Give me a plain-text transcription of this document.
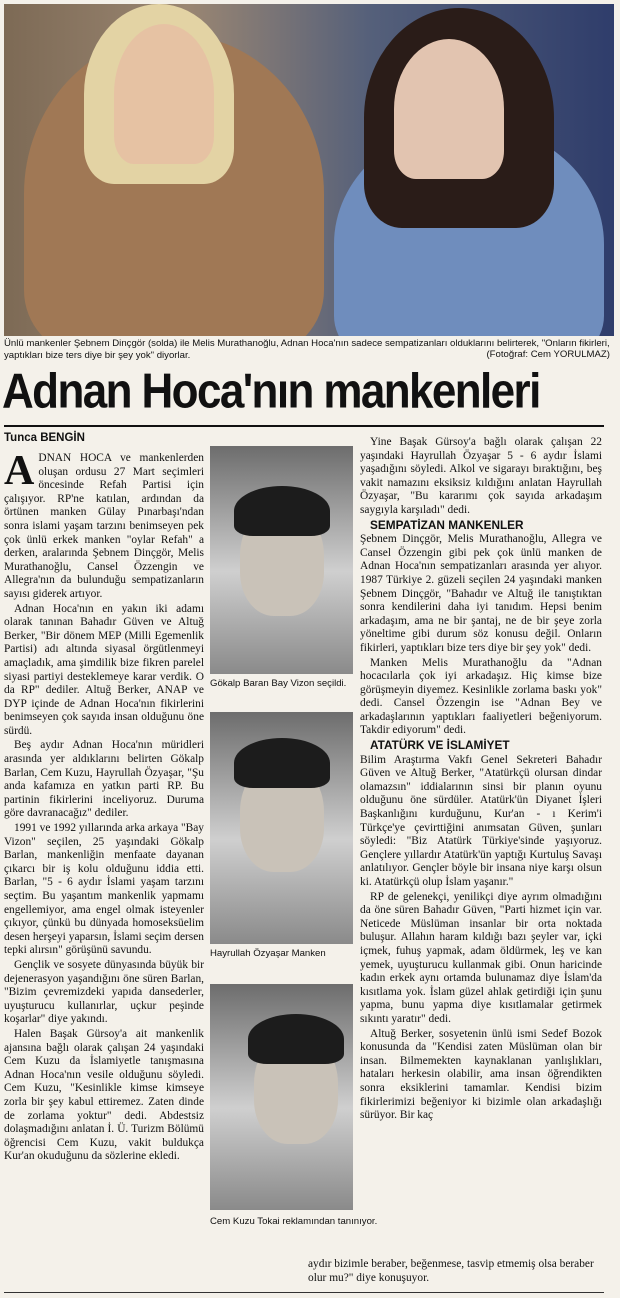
Ünlü mankenler Şebnem Dinçgör (solda) ile Melis Murathanoğlu, Adnan Hoca'nın sadece sempatizanları olduklarını belirterek, "Onların fikirleri, yaptıkları bize ters diye bir şey yok" diyorlar.	(Fotoğraf: Cem YORULMAZ)
Adnan Hoca'nın mankenleri
Tunca BENGİN

ADNAN HOCA ve mankenlerden oluşan ordusu 27 Mart seçimleri öncesinde Refah Partisi için çalışıyor. RP'ne katılan, ardından da örtünen manken Gülay Pınarbaşı'ndan sonra islami yaşam tarzını benimseyen pek çok ünlü erkek manken "oylar Refah" a derken, aralarında Şebnem Dinçgör, Melis Murathanoğlu, Cansel Özzengin ve Allegra'nın da bulunduğu sempatizanların sayısı giderek artıyor.

Adnan Hoca'nın en yakın iki adamı olarak tanınan Bahadır Güven ve Altuğ Berker, "Bir dönem MEP (Milli Egemenlik Partisi) adı altında siyasal örgütlenmeyi amaçladık, ama şimdilik bize fikren parelel siyasi partiyi desteklemeye karar verdik. O da RP" dediler. Altuğ Berker, ANAP ve DYP içinde de Adnan Hoca'nın fikirlerini benimseyen çok sayıda insan olduğunu öne sürdü.

Beş aydır Adnan Hoca'nın müridleri arasında yer aldıklarını belirten Gökalp Barlan, Cem Kuzu, Hayrullah Özyaşar, "Şu anda kafamıza en yatkın parti RP. Bu partinin fikirlerini inceliyoruz. Duruma göre davranacağız" dediler.

1991 ve 1992 yıllarında arka arkaya "Bay Vizon" seçilen, 25 yaşındaki Gökalp Barlan, mankenliğin menfaate dayanan çıkarcı bir iş kolu olduğunu iddia etti. Barlan, "5 - 6 aydır İslami yaşam tarzını seçtim. Bu yaşantım mankenlik yapmamı engellemiyor, ama engel olmak isteyenler çıkıyor, çünkü bu dünyada homoseksüelim desen herşeyi yaparsın, İslami seçim dersen tepki alırsın" görüşünü savundu.

Gençlik ve sosyete dünyasında büyük bir dejenerasyon yaşandığını öne süren Barlan, "Bizim çevremizdeki yapıda dansederler, uyuşturucu kullanırlar, uçkur peşinde koşarlar" diye yakındı.

Halen Başak Gürsoy'a ait mankenlik ajansına bağlı olarak çalışan 24 yaşındaki Cem Kuzu da İslamiyetle tanışmasına Adnan Hoca'nın vesile olduğunu söyledi. Cem Kuzu, "Kesinlikle kimse kimseye zorla bir şey kabul ettiremez. Zaten dinde de zorlama yoktur" dedi. Abdestsiz dolaşmadığını anlatan İ. Ü. Turizm Bölümü öğrencisi Cem Kuzu, vakit buldukça Kur'an okuduğunu da sözlerine ekledi.

Gökalp Baran Bay Vizon seçildi.
Hayrullah Özyaşar Manken
Cem Kuzu Tokai reklamından tanınıyor.

Yine Başak Gürsoy'a bağlı olarak çalışan 22 yaşındaki Hayrullah Özyaşar 5 - 6 aydır İslami yaşadığını söyledi. Alkol ve sigarayı bıraktığını, beş vakit namazını eksiksiz kıldığını anlatan Hayrullah Özyaşar, "Bu kararımı çok sayıda arkadaşım saygıyla karşıladı" dedi.

SEMPATİZAN MANKENLER

Şebnem Dinçgör, Melis Murathanoğlu, Allegra ve Cansel Özzengin gibi pek çok ünlü manken de Adnan Hoca'nın sempatizanları arasında yer alıyor. 1987 Türkiye 2. güzeli seçilen 24 yaşındaki manken Şebnem Dinçgör, "Bahadır ve Altuğ ile tanıştıktan sonra kendilerini daha iyi tanıdım. Hepsi benim arkadaşım, ama ne bir şantaj, ne de bir şeye zorla yöneltime gibi durum söz konusu değil. Onların fikirleri, yaptıkları bize ters diye bir şey yok" dedi.

Manken Melis Murathanoğlu da "Adnan hocacılarla çok iyi arkadaşız. Hiç kimse bize görüşmeyin diyemez. Kesinlikle zorlama baskı yok" dedi. Cansel Özzengin ise "Adnan Bey ve arkadaşlarının yaptıkları faaliyetleri beğeniyorum. Takdir ediyorum" dedi.

ATATÜRK VE İSLAMİYET

Bilim Araştırma Vakfı Genel Sekreteri Bahadır Güven ve Altuğ Berker, "Atatürkçü olursan dindar olamazsın" iddialarının sinsi bir planın oyunu olduğunu öne sürdüler. Atatürk'ün Diyanet İşleri Başkanlığını kurduğunu, Kur'an - ı Kerim'i Türkçe'ye çevirttiğini anımsatan Güven, şunları söyledi: "Biz Atatürk Türkiye'sinde yaşıyoruz. Gençlere yıllardır Atatürk'ün yaptığı Kurtuluş Savaşı anlatılıyor. Gençler böyle bir insana niye karşı olsun ki. Atatürkçü olup İslam yaşanır."

RP de gelenekçi, yenilikçi diye ayrım olmadığını da öne süren Bahadır Güven, "Parti hizmet için var. Neticede Müslüman insanlar bir orta noktada buluşur. Allahın haram kıldığı bazı şeyler var, içki içmek, fuhuş yapmak, adam öldürmek, leş ve kan yemek, uyuşturucu kullanmak gibi. Onun haricinde kadın erkek aynı ortamda bulunamaz diye İslam'da kısıtlama yok. İslam güzel ahlak getirdiği için şunu yapma, bunu yapma diye kısıtlamalar getirmek sıkıntı yaratır" dedi.

Altuğ Berker, sosyetenin ünlü ismi Sedef Bozok konusunda da "Kendisi zaten Müslüman olan bir insan. Bilmemekten kaynaklanan yanlışlıkları, hataları herkesin olabilir, ama insan öğrendikten sonra eksiklerini tamamlar. Kendisi bizim fikirlerimizi beğeniyor ki bizimle olan arkadaşlığı sürüyor. Bir kaç

aydır bizimle beraber, beğenmese, tasvip etmemiş olsa beraber olur mu?" diye konuşuyor.
